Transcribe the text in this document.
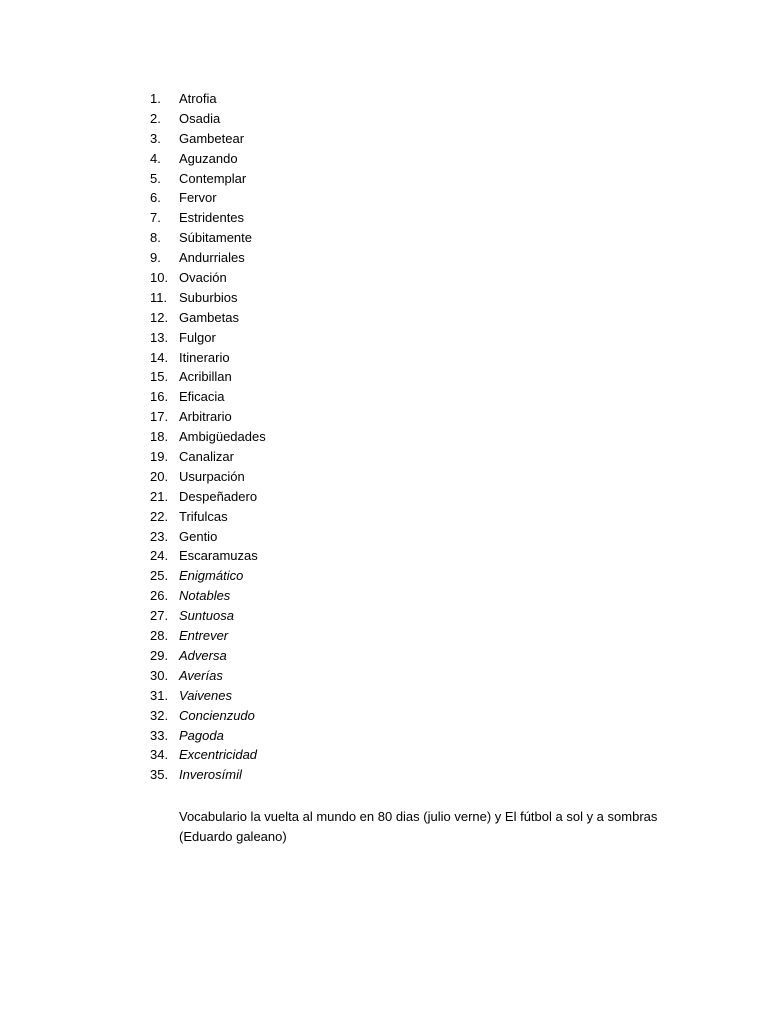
1.	Atrofia
2.	Osadia
3.	Gambetear
4.	Aguzando
5.	Contemplar
6.	Fervor
7.	Estridentes
8.	Súbitamente
9.	Andurriales
10. Ovación
11. Suburbios
12. Gambetas
13. Fulgor
14. Itinerario
15. Acribillan
16. Eficacia
17. Arbitrario
18. Ambigüedades
19. Canalizar
20. Usurpación
21. Despeñadero
22. Trifulcas
23. Gentio
24. Escaramuzas
25. Enigmático
26. Notables
27. Suntuosa
28. Entrever
29. Adversa
30. Averías
31. Vaivenes
32. Concienzudo
33. Pagoda
34. Excentricidad
35. Inverosímil

Vocabulario la vuelta al mundo en 80 dias (julio verne) y El fútbol a sol y a sombras (Eduardo galeano)
